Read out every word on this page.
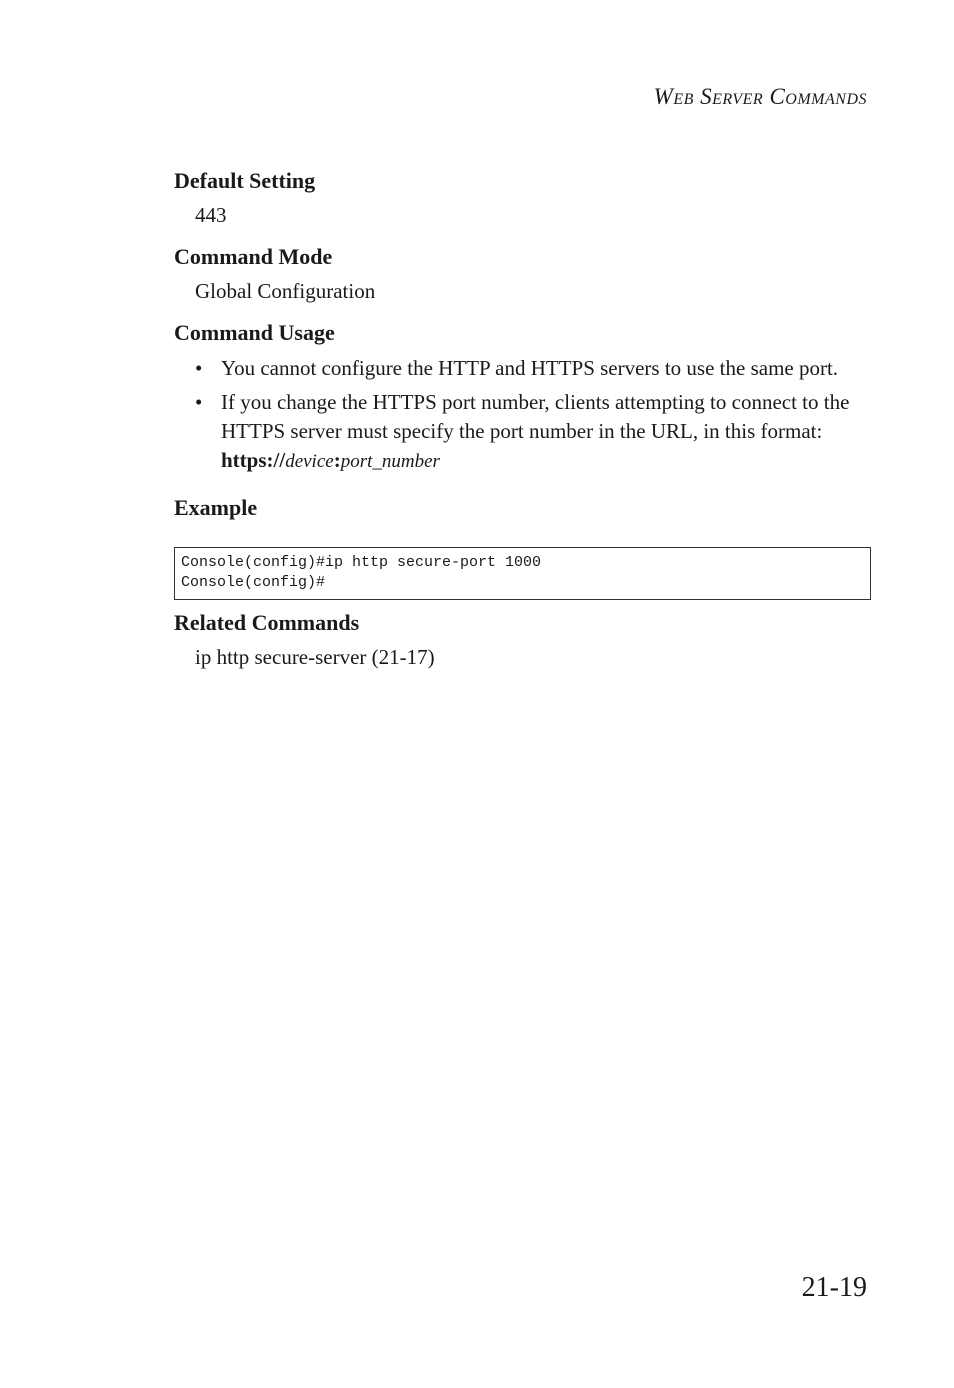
Web Server Commands

Default Setting

443

Command Mode

Global Configuration

Command Usage

• You cannot configure the HTTP and HTTPS servers to use the same port.
• If you change the HTTPS port number, clients attempting to connect to the HTTPS server must specify the port number in the URL, in this format: https://device:port_number

Example

Console(config)#ip http secure-port 1000
Console(config)#

Related Commands

ip http secure-server (21-17)

21-19
